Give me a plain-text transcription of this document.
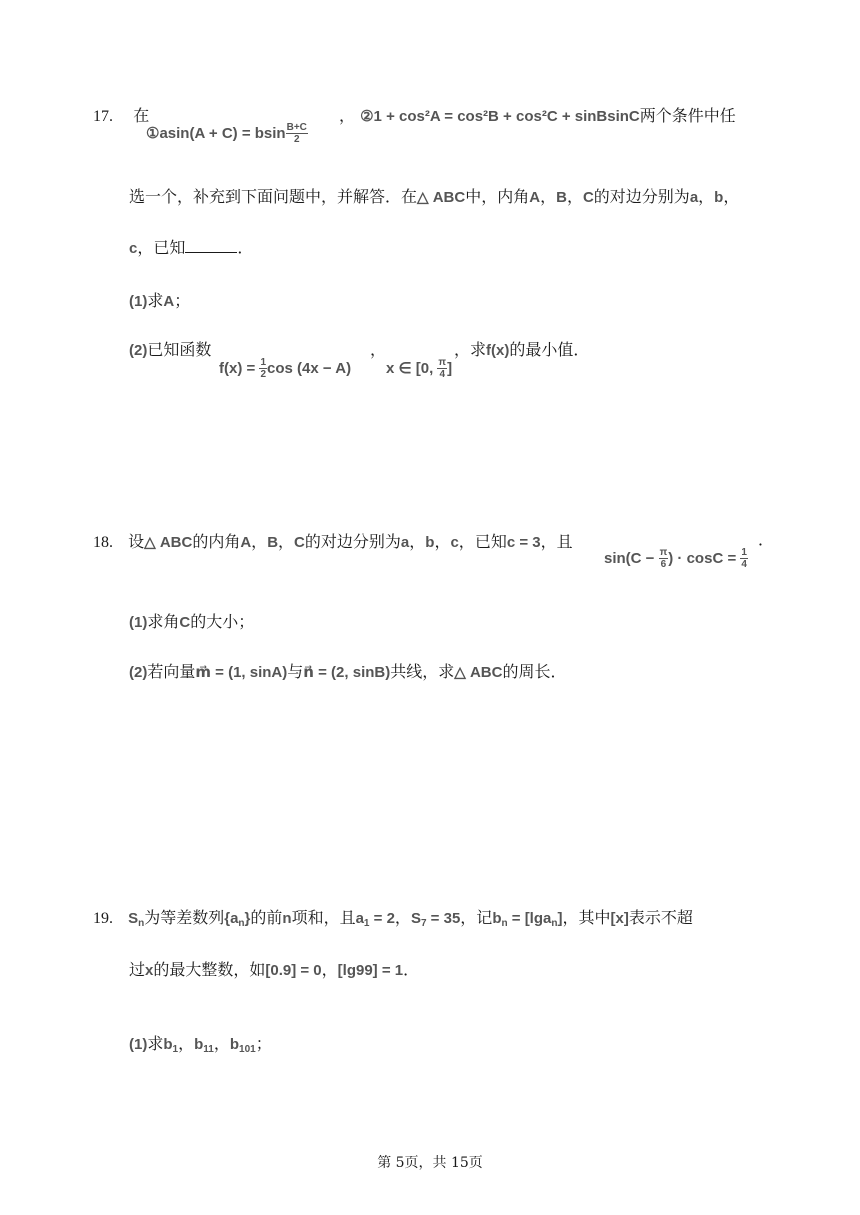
17. 在
①asin(A + C) = bsin $\frac{B+C}{2}$
， ②1 + cos²A = cos²B + cos²C + sinBsinC两个条件中任
选一个，补充到下面问题中，并解答．在△ ABC中，内角A，B，C的对边分别为a，b，
c，已知	．
(1)求A；
(2)已知函数
$f(x) = \frac{1}{2}$ cos (4x − A)
，
x ∈ [0, $\frac{\pi}{4}$ ]
，求f(x)的最小值．
18. 设△ ABC的内角A，B，C的对边分别为a，b，c，已知c = 3，且
$\sin(C - \frac{\pi}{6}$ ) · $\cos C = \frac{1}{4}$
．
(1)求角C的大小；
(2)若向量m⃗ = (1, sinA)与n⃗ = (2, sinB)共线，求△ ABC的周长．
19. $S_n$为等差数列$\{a_n\}$的前n项和，且$a_1 = 2$，$S_7 = 35$，记$b_n = [\lg a_n]$，其中[x]表示不超
过x的最大整数，如[0.9] = 0，[lg99] = 1．
(1)求$b_1$，$b_{11}$，$b_{101}$；
第 5页，共 15页
